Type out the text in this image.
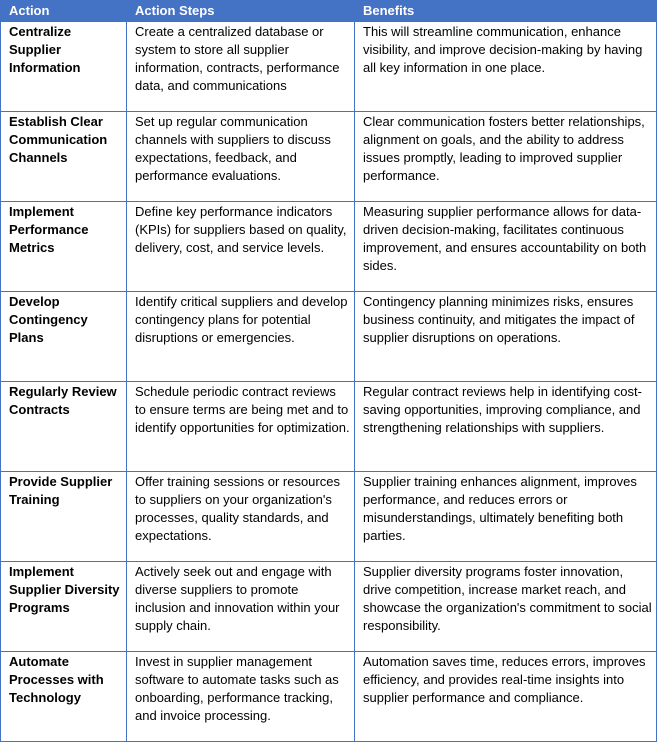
Action	Action Steps	Benefits
Centralize Supplier Information	Create a centralized database or system to store all supplier information, contracts, performance data, and communications	This will streamline communication, enhance visibility, and improve decision-making by having all key information in one place.
Establish Clear Communication Channels	Set up regular communication channels with suppliers to discuss expectations, feedback, and performance evaluations.	Clear communication fosters better relationships, alignment on goals, and the ability to address issues promptly, leading to improved supplier performance.
Implement Performance Metrics	Define key performance indicators (KPIs) for suppliers based on quality, delivery, cost, and service levels.	Measuring supplier performance allows for data-driven decision-making, facilitates continuous improvement, and ensures accountability on both sides.
Develop Contingency Plans	Identify critical suppliers and develop contingency plans for potential disruptions or emergencies.	Contingency planning minimizes risks, ensures business continuity, and mitigates the impact of supplier disruptions on operations.
Regularly Review Contracts	Schedule periodic contract reviews to ensure terms are being met and to identify opportunities for optimization.	Regular contract reviews help in identifying cost-saving opportunities, improving compliance, and strengthening relationships with suppliers.
Provide Supplier Training	Offer training sessions or resources to suppliers on your organization's processes, quality standards, and expectations.	Supplier training enhances alignment, improves performance, and reduces errors or misunderstandings, ultimately benefiting both parties.
Implement Supplier Diversity Programs	Actively seek out and engage with diverse suppliers to promote inclusion and innovation within your supply chain.	Supplier diversity programs foster innovation, drive competition, increase market reach, and showcase the organization's commitment to social responsibility.
Automate Processes with Technology	Invest in supplier management software to automate tasks such as onboarding, performance tracking, and invoice processing.	Automation saves time, reduces errors, improves efficiency, and provides real-time insights into supplier performance and compliance.
